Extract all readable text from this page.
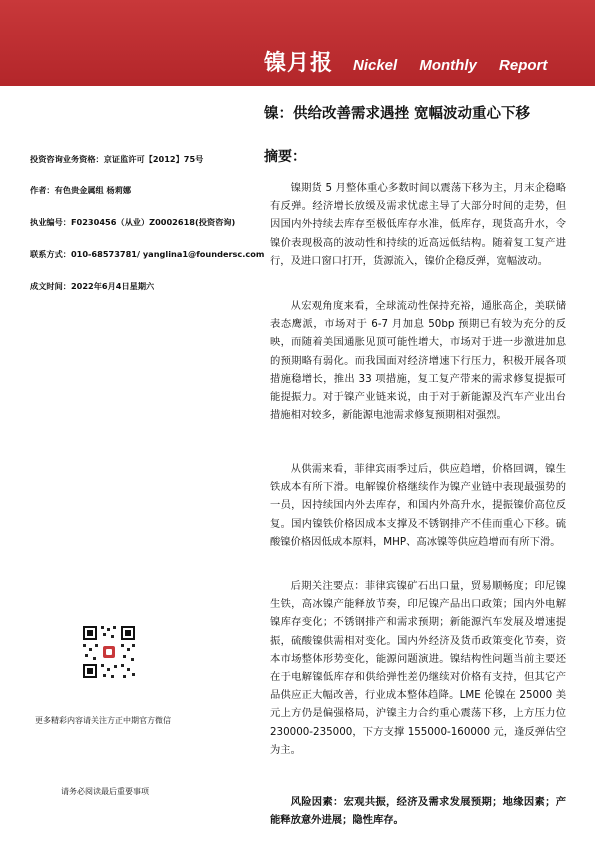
镍月报 Nickel Monthly Report
镍：供给改善需求遇挫 宽幅波动重心下移
摘要：
投资咨询业务资格：京证监许可【2012】75号
作者：有色贵金属组 杨莉娜
执业编号：F0230456（从业）Z0002618(投资咨询)
联系方式：010-68573781/ yanglina1@foundersc.com
成文时间：2022年6月4日星期六

镍期货 5 月整体重心多数时间以震荡下移为主，月末企稳略有反弹。经济增长放缓及需求忧虑主导了大部分时间的走势，但因国内外持续去库存至极低库存水准，低库存，现货高升水，令镍价表现极高的波动性和持续的近高远低结构。随着复工复产进行，及进口窗口打开，货源流入，镍价企稳反弹，宽幅波动。

从宏观角度来看，全球流动性保持充裕，通胀高企，美联储表态鹰派，市场对于 6-7 月加息 50bp 预期已有较为充分的反映，而随着美国通胀见顶可能性增大，市场对于进一步激进加息的预期略有弱化。而我国面对经济增速下行压力，积极开展各项措施稳增长，推出 33 项措施，复工复产带来的需求修复提振可能提振力。对于镍产业链来说，由于对于新能源及汽车产业出台措施相对较多，新能源电池需求修复预期相对强烈。

从供需来看，菲律宾雨季过后，供应趋增，价格回调，镍生铁成本有所下滑。电解镍价格继续作为镍产业链中表现最强势的一员，因持续国内外去库存，和国内外高升水，提振镍价高位反复。国内镍铁价格因成本支撑及不锈钢排产不佳而重心下移。硫酸镍价格因低成本原料，MHP、高冰镍等供应趋增而有所下滑。

后期关注要点：菲律宾镍矿石出口量，贸易顺畅度；印尼镍生铁，高冰镍产能释放节奏，印尼镍产品出口政策；国内外电解镍库存变化；不锈钢排产和需求预期；新能源汽车发展及增速提振，硫酸镍供需相对变化。国内外经济及货币政策变化节奏，资本市场整体形势变化，能源问题演进。镍结构性问题当前主要还在于电解镍低库存和供给弹性差仍继续对价格有支持，但其它产品供应正大幅改善，行业成本整体趋降。LME 伦镍在 25000 美元上方仍是偏强格局，沪镍主力合约重心震荡下移，上方压力位 230000-235000，下方支撑 155000-160000 元，逢反弹估空为主。

风险因素：宏观共振，经济及需求发展预期；地缘因素；产能释放意外进展；隐性库存。

更多精彩内容请关注方正中期官方微信
请务必阅读最后重要事项
